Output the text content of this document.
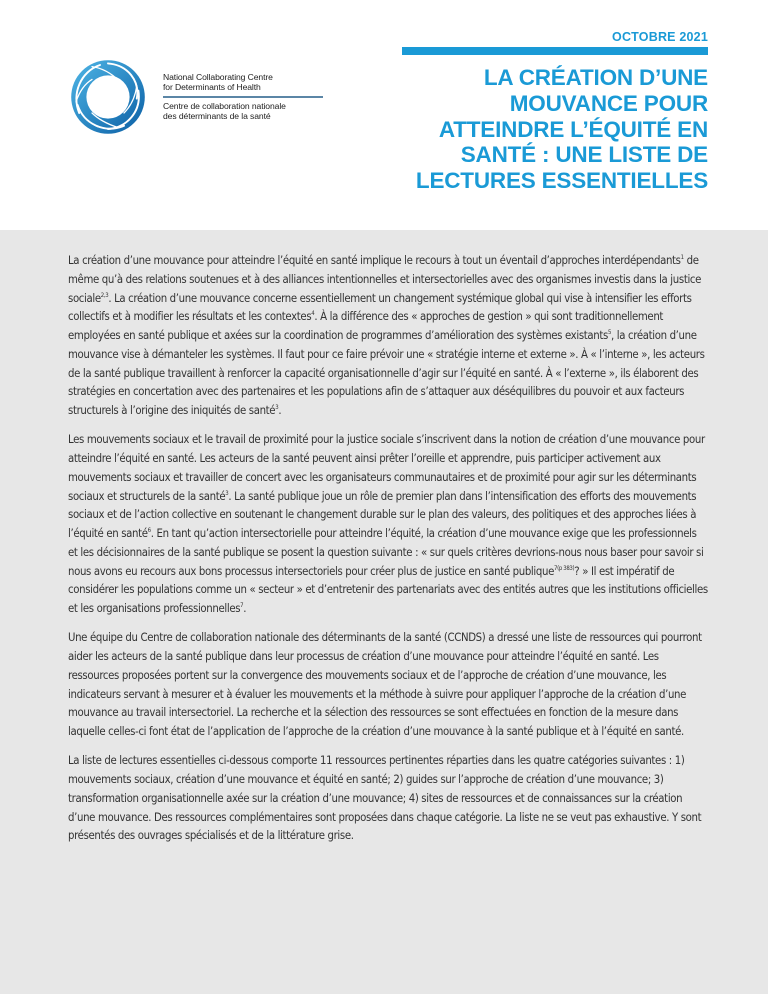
National Collaborating Centre
for Determinants of Health
Centre de collaboration nationale
des déterminants de la santé
OCTOBRE 2021
LA CRÉATION D’UNE
MOUVANCE POUR
ATTEINDRE L’ÉQUITÉ EN
SANTÉ : UNE LISTE DE
LECTURES ESSENTIELLES

La création d’une mouvance pour atteindre l’équité en santé implique le recours à tout un éventail d’approches interdépendants$^1$ de même qu’à des relations soutenues et à des alliances intentionnelles et intersectorielles avec des organismes investis dans la justice sociale$^{2,3}$. La création d’une mouvance concerne essentiellement un changement systémique global qui vise à intensifier les efforts collectifs et à modifier les résultats et les contextes$^4$. À la différence des « approches de gestion » qui sont traditionnellement employées en santé publique et axées sur la coordination de programmes d’amélioration des systèmes existants$^5$, la création d’une mouvance vise à démanteler les systèmes. Il faut pour ce faire prévoir une « stratégie interne et externe ». À « l’interne », les acteurs de la santé publique travaillent à renforcer la capacité organisationnelle d’agir sur l’équité en santé. À « l’externe », ils élaborent des stratégies en concertation avec des partenaires et les populations afin de s’attaquer aux déséquilibres du pouvoir et aux facteurs structurels à l’origine des iniquités de santé$^3$.

Les mouvements sociaux et le travail de proximité pour la justice sociale s’inscrivent dans la notion de création d’une mouvance pour atteindre l’équité en santé. Les acteurs de la santé peuvent ainsi prêter l’oreille et apprendre, puis participer activement aux mouvements sociaux et travailler de concert avec les organisateurs communautaires et de proximité pour agir sur les déterminants sociaux et structurels de la santé$^3$. La santé publique joue un rôle de premier plan dans l’intensification des efforts des mouvements sociaux et de l’action collective en soutenant le changement durable sur le plan des valeurs, des politiques et des approches liées à l’équité en santé$^6$. En tant qu’action intersectorielle pour atteindre l’équité, la création d’une mouvance exige que les professionnels et les décisionnaires de la santé publique se posent la question suivante : « sur quels critères devrions-nous nous baser pour savoir si nous avons eu recours aux bons processus intersectoriels pour créer plus de justice en santé publique$^{7(p 383)}$? » Il est impératif de considérer les populations comme un « secteur » et d’entretenir des partenariats avec des entités autres que les institutions officielles et les organisations professionnelles$^7$.

Une équipe du Centre de collaboration nationale des déterminants de la santé (CCNDS) a dressé une liste de ressources qui pourront aider les acteurs de la santé publique dans leur processus de création d’une mouvance pour atteindre l’équité en santé. Les ressources proposées portent sur la convergence des mouvements sociaux et de l’approche de création d’une mouvance, les indicateurs servant à mesurer et à évaluer les mouvements et la méthode à suivre pour appliquer l’approche de la création d’une mouvance au travail intersectoriel. La recherche et la sélection des ressources se sont effectuées en fonction de la mesure dans laquelle celles-ci font état de l’application de l’approche de la création d’une mouvance à la santé publique et à l’équité en santé.

La liste de lectures essentielles ci-dessous comporte 11 ressources pertinentes réparties dans les quatre catégories suivantes : 1) mouvements sociaux, création d’une mouvance et équité en santé; 2) guides sur l’approche de création d’une mouvance; 3) transformation organisationnelle axée sur la création d’une mouvance; 4) sites de ressources et de connaissances sur la création d’une mouvance. Des ressources complémentaires sont proposées dans chaque catégorie. La liste ne se veut pas exhaustive. Y sont présentés des ouvrages spécialisés et de la littérature grise.
